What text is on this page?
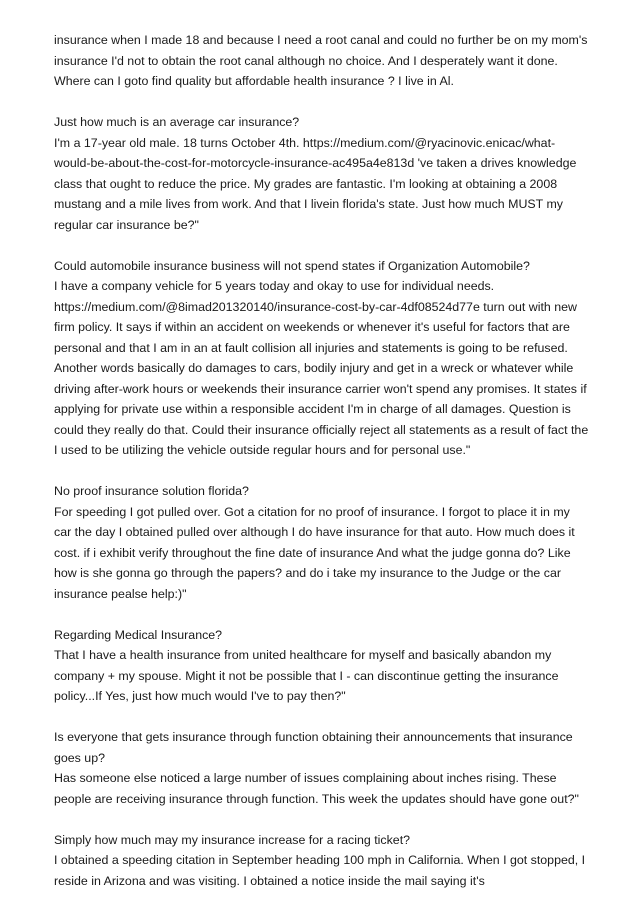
insurance when I made 18 and because I need a root canal and could no further be on my mom's insurance I'd not to obtain the root canal although no choice. And I desperately want it done. Where can I goto find quality but affordable health insurance ? I live in Al.

Just how much is an average car insurance?

I'm a 17-year old male. 18 turns October 4th. https://medium.com/@ryacinovic.enicac/what-would-be-about-the-cost-for-motorcycle-insurance-ac495a4e813d 've taken a drives knowledge class that ought to reduce the price. My grades are fantastic. I'm looking at obtaining a 2008 mustang and a mile lives from work. And that I livein florida's state. Just how much MUST my regular car insurance be?"

Could automobile insurance business will not spend states if Organization Automobile?

I have a company vehicle for 5 years today and okay to use for individual needs. https://medium.com/@8imad201320140/insurance-cost-by-car-4df08524d77e turn out with new firm policy. It says if within an accident on weekends or whenever it's useful for factors that are personal and that I am in an at fault collision all injuries and statements is going to be refused. Another words basically do damages to cars, bodily injury and get in a wreck or whatever while driving after-work hours or weekends their insurance carrier won't spend any promises. It states if applying for private use within a responsible accident I'm in charge of all damages. Question is could they really do that. Could their insurance officially reject all statements as a result of fact the I used to be utilizing the vehicle outside regular hours and for personal use."

No proof insurance solution florida?

For speeding I got pulled over. Got a citation for no proof of insurance. I forgot to place it in my car the day I obtained pulled over although I do have insurance for that auto. How much does it cost. if i exhibit verify throughout the fine date of insurance And what the judge gonna do? Like how is she gonna go through the papers? and do i take my insurance to the Judge or the car insurance pealse help:)"

Regarding Medical Insurance?

That I have a health insurance from united healthcare for myself and basically abandon my company + my spouse. Might it not be possible that I - can discontinue getting the insurance policy...If Yes, just how much would I've to pay then?"

Is everyone that gets insurance through function obtaining their announcements that insurance goes up?

Has someone else noticed a large number of issues complaining about inches rising. These people are receiving insurance through function. This week the updates should have gone out?"

Simply how much may my insurance increase for a racing ticket?

I obtained a speeding citation in September heading 100 mph in California. When I got stopped, I reside in Arizona and was visiting. I obtained a notice inside the mail saying it's
